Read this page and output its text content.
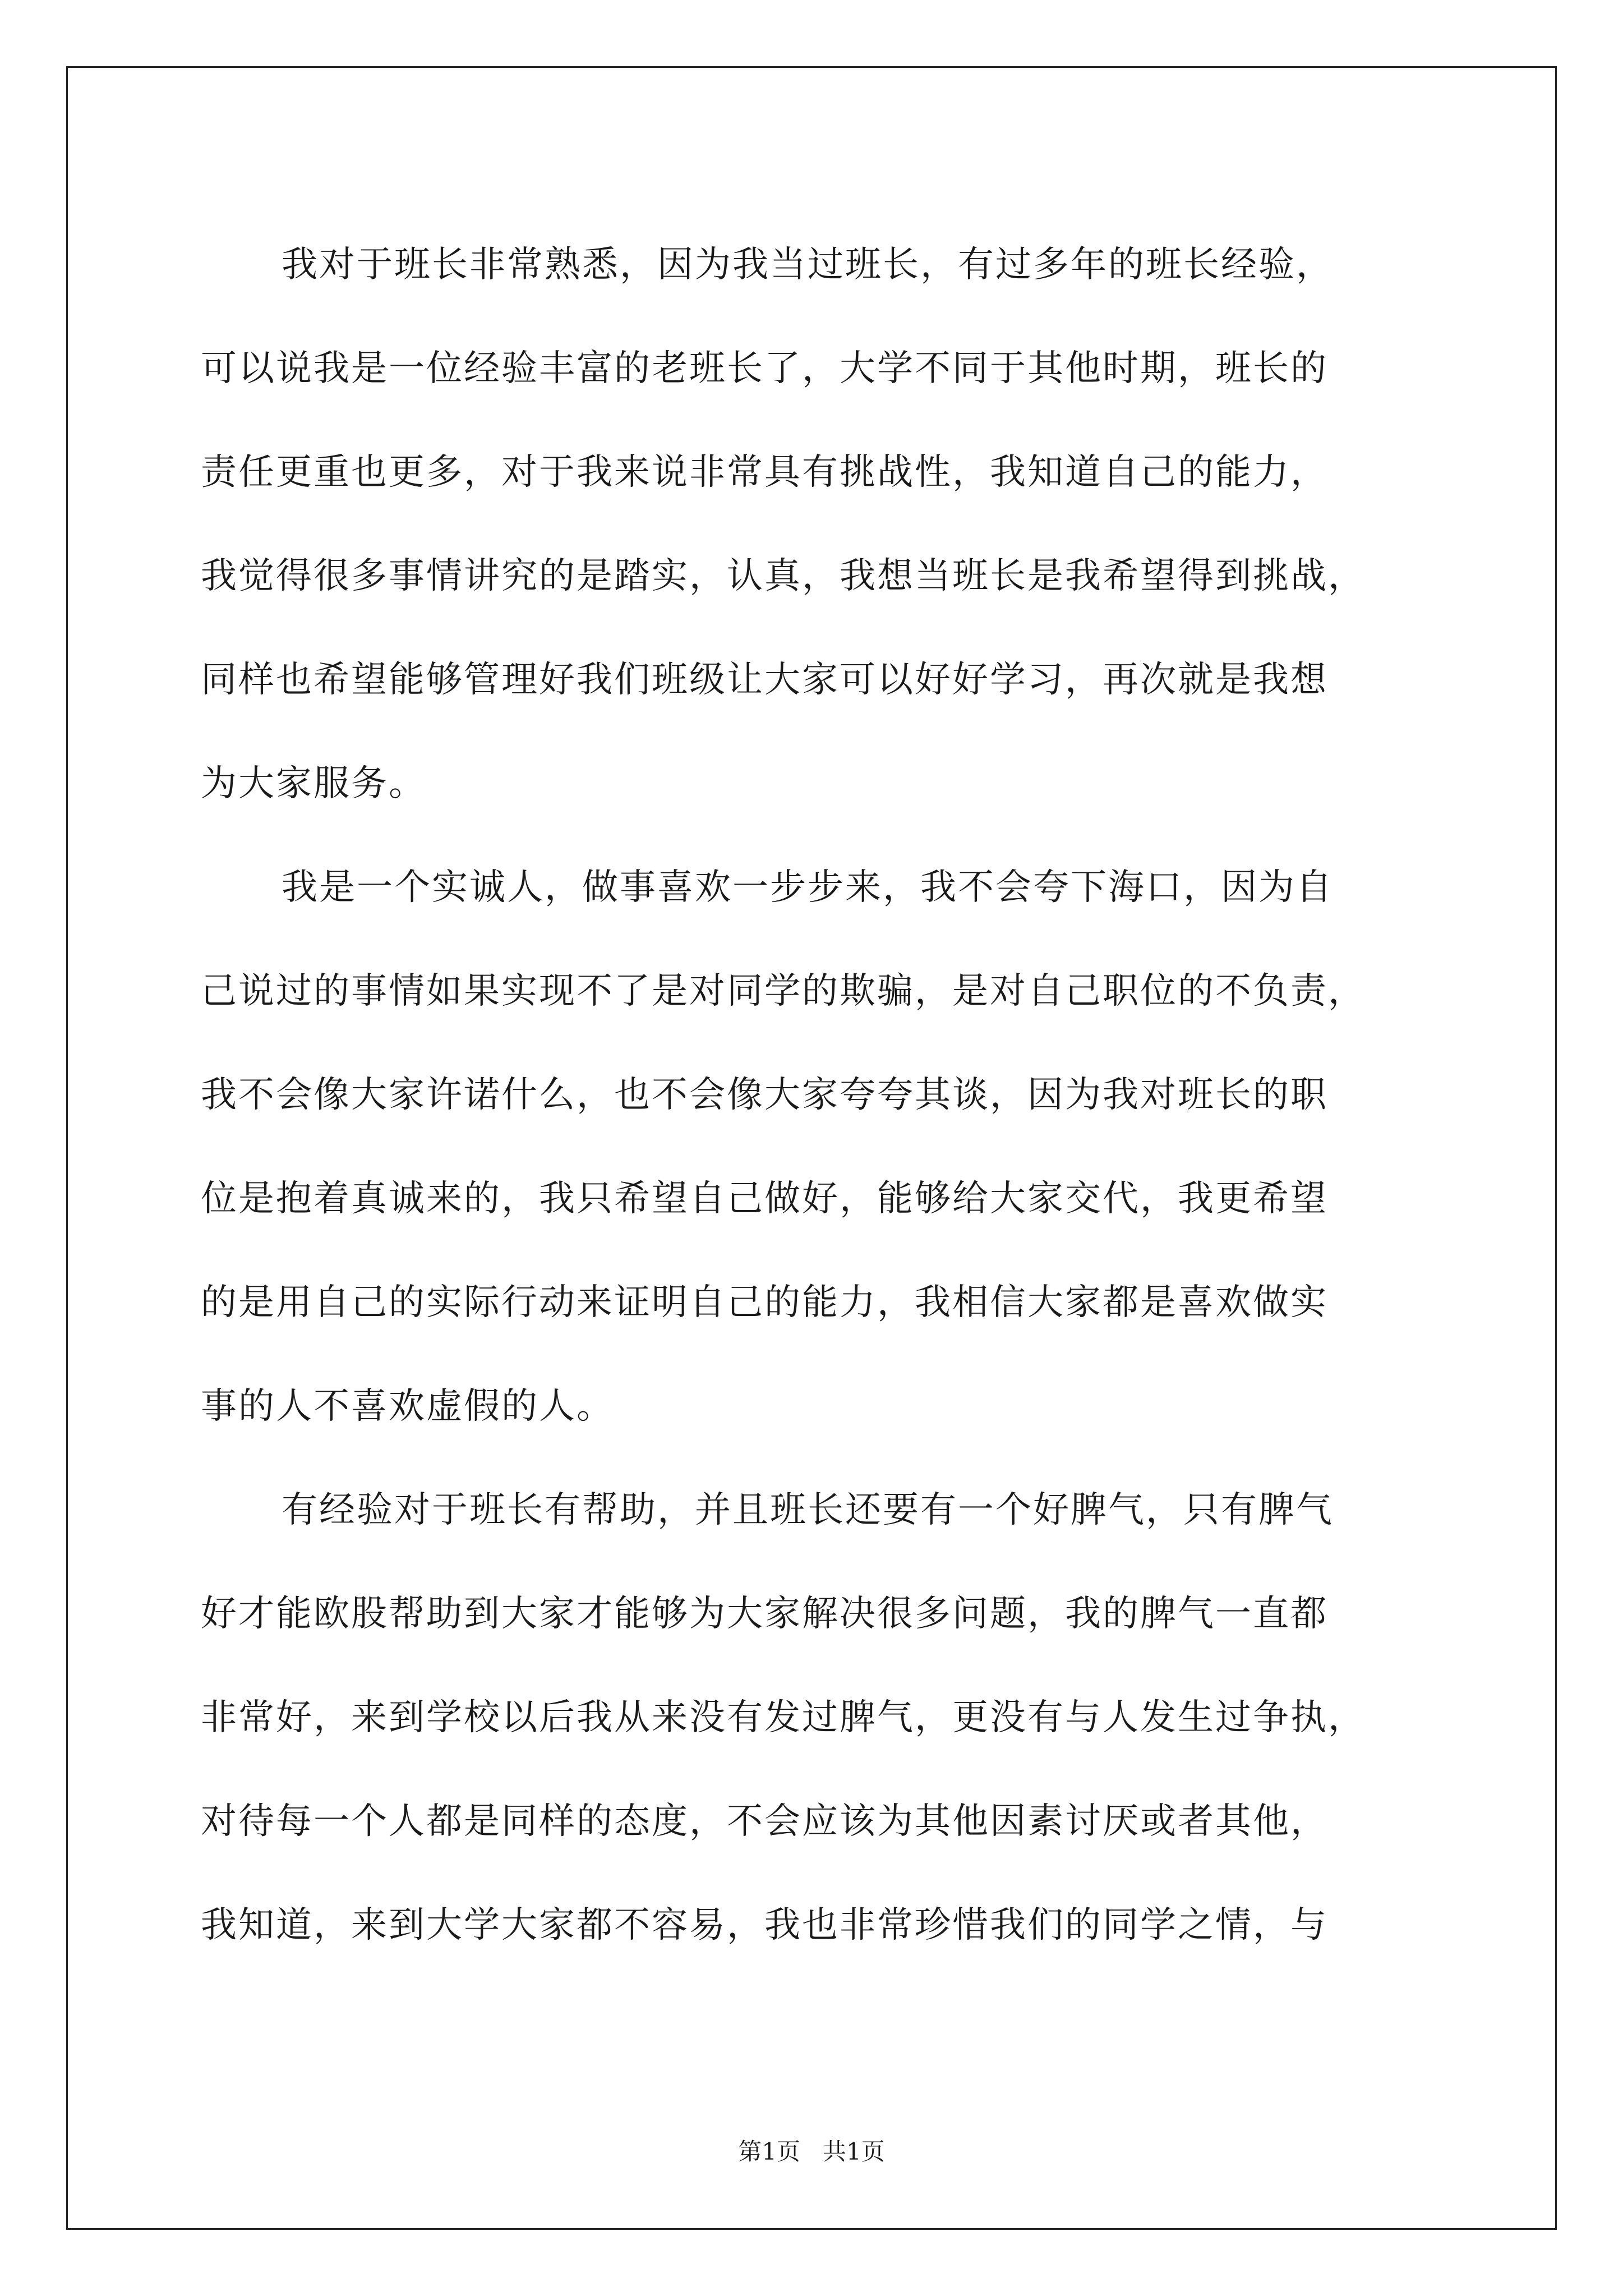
我对于班长非常熟悉，因为我当过班长，有过多年的班长经验，
可以说我是一位经验丰富的老班长了，大学不同于其他时期，班长的
责任更重也更多，对于我来说非常具有挑战性，我知道自己的能力，
我觉得很多事情讲究的是踏实，认真，我想当班长是我希望得到挑战，
同样也希望能够管理好我们班级让大家可以好好学习，再次就是我想
为大家服务。
我是一个实诚人，做事喜欢一步步来，我不会夸下海口，因为自
己说过的事情如果实现不了是对同学的欺骗，是对自己职位的不负责，
我不会像大家许诺什么，也不会像大家夸夸其谈，因为我对班长的职
位是抱着真诚来的，我只希望自己做好，能够给大家交代，我更希望
的是用自己的实际行动来证明自己的能力，我相信大家都是喜欢做实
事的人不喜欢虚假的人。
有经验对于班长有帮助，并且班长还要有一个好脾气，只有脾气
好才能欧股帮助到大家才能够为大家解决很多问题，我的脾气一直都
非常好，来到学校以后我从来没有发过脾气，更没有与人发生过争执，
对待每一个人都是同样的态度，不会应该为其他因素讨厌或者其他，
我知道，来到大学大家都不容易，我也非常珍惜我们的同学之情，与
第1页   共1页
